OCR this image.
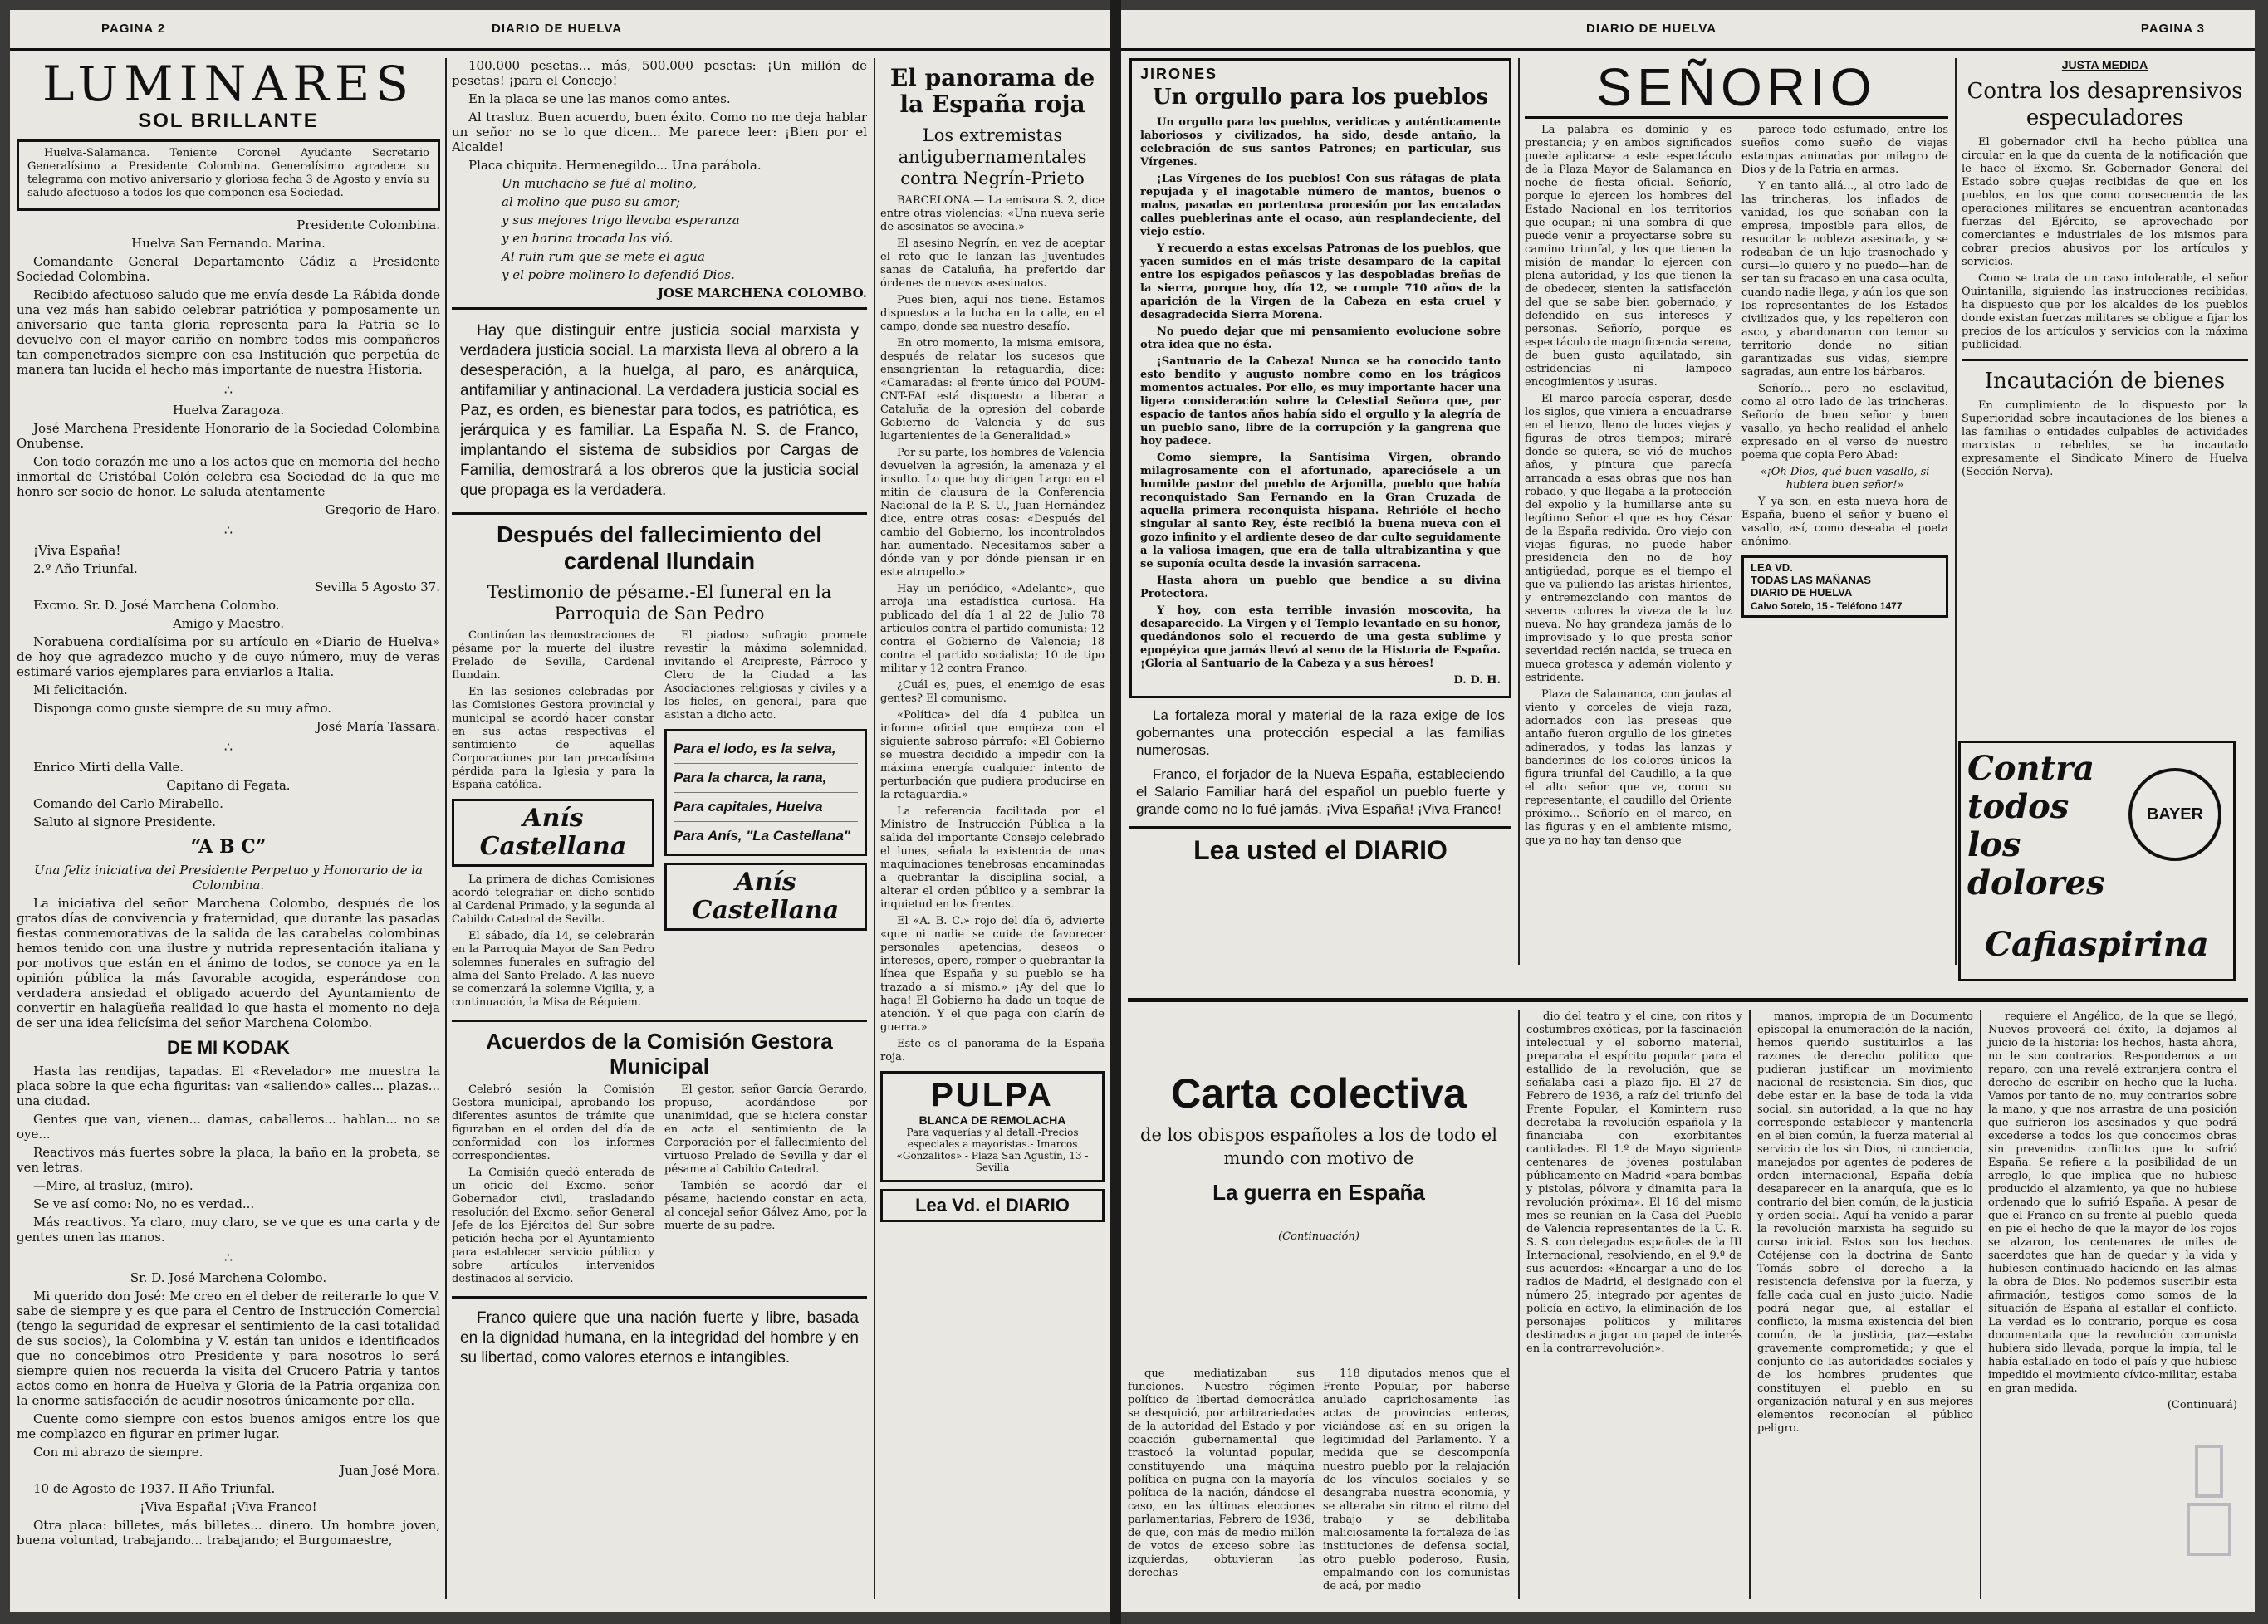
PAGINA 2	DIARIO DE HUELVA
LUMINARES
SOL BRILLANTE

Huelva-Salamanca. Teniente Coronel Ayudante Secretario Generalísimo a Presidente Colombina. Generalísimo agradece su telegrama con motivo aniversario y gloriosa fecha 3 de Agosto y envía su saludo afectuoso a todos los que componen esa Sociedad.

Presidente Colombina.

Huelva San Fernando. Marina.

Comandante General Departamento Cádiz a Presidente Sociedad Colombina.

Recibido afectuoso saludo que me envía desde La Rábida donde una vez más han sabido celebrar patriótica y pomposamente un aniversario que tanta gloria representa para la Patria se lo devuelvo con el mayor cariño en nombre todos mis compañeros tan compenetrados siempre con esa Institución que perpetúa de manera tan lucida el hecho más importante de nuestra Historia.

∴

Huelva Zaragoza.

José Marchena Presidente Honorario de la Sociedad Colombina Onubense.

Con todo corazón me uno a los actos que en memoria del hecho inmortal de Cristóbal Colón celebra esa Sociedad de la que me honro ser socio de honor. Le saluda atentamente

Gregorio de Haro.

∴

¡Viva España!

2.º Año Triunfal.

Sevilla 5 Agosto 37.

Excmo. Sr. D. José Marchena Colombo.

Amigo y Maestro.

Norabuena cordialísima por su artículo en «Diario de Huelva» de hoy que agradezco mucho y de cuyo número, muy de veras estimaré varios ejemplares para enviarlos a Italia.

Mi felicitación.

Disponga como guste siempre de su muy afmo.

José María Tassara.

∴

Enrico Mirti della Valle.

Capitano di Fegata.

Comando del Carlo Mirabello.

Saluto al signore Presidente.

“A B C”

Una feliz iniciativa del Presidente Perpetuo y Honorario de la Colombina.

La iniciativa del señor Marchena Colombo, después de los gratos días de convivencia y fraternidad, que durante las pasadas fiestas conmemorativas de la salida de las carabelas colombinas hemos tenido con una ilustre y nutrida representación italiana y por motivos que están en el ánimo de todos, se conoce ya en la opinión pública la más favorable acogida, esperándose con verdadera ansiedad el obligado acuerdo del Ayuntamiento de convertir en halagüeña realidad lo que hasta el momento no deja de ser una idea felicísima del señor Marchena Colombo.

DE MI KODAK

Hasta las rendijas, tapadas. El «Revelador» me muestra la placa sobre la que echa figuritas: van «saliendo» calles... plazas... una ciudad.

Gentes que van, vienen... damas, caballeros... hablan... no se oye...

Reactivos más fuertes sobre la placa; la baño en la probeta, se ven letras.

—Mire, al trasluz, (miro).

Se ve así como: No, no es verdad...

Más reactivos. Ya claro, muy claro, se ve que es una carta y de gentes unen las manos.

∴

Sr. D. José Marchena Colombo.

Mi querido don José: Me creo en el deber de reiterarle lo que V. sabe de siempre y es que para el Centro de Instrucción Comercial (tengo la seguridad de expresar el sentimiento de la casi totalidad de sus socios), la Colombina y V. están tan unidos e identificados que no concebimos otro Presidente y para nosotros lo será siempre quien nos recuerda la visita del Crucero Patria y tantos actos como en honra de Huelva y Gloria de la Patria organiza con la enorme satisfacción de acudir nosotros únicamente por ella.

Cuente como siempre con estos buenos amigos entre los que me complazco en figurar en primer lugar.

Con mi abrazo de siempre.

Juan José Mora.

10 de Agosto de 1937. II Año Triunfal.

¡Viva España! ¡Viva Franco!

Otra placa: billetes, más billetes... dinero. Un hombre joven, buena voluntad, trabajando... trabajando; el Burgomaestre,

100.000 pesetas... más, 500.000 pesetas: ¡Un millón de pesetas! ¡para el Concejo!

En la placa se une las manos como antes.

Al trasluz. Buen acuerdo, buen éxito. Como no me deja hablar un señor no se lo que dicen... Me parece leer: ¡Bien por el Alcalde!

Placa chiquita. Hermenegildo... Una parábola.

Un muchacho se fué al molino,

al molino que puso su amor;

y sus mejores trigo llevaba esperanza

y en harina trocada las vió.

Al ruin rum que se mete el agua

y el pobre molinero lo defendió Dios.

JOSE MARCHENA COLOMBO.

Hay que distinguir entre justicia social marxista y verdadera justicia social. La marxista lleva al obrero a la desesperación, a la huelga, al paro, es anárquica, antifamiliar y antinacional. La verdadera justicia social es Paz, es orden, es bienestar para todos, es patriótica, es jerárquica y es familiar. La España N. S. de Franco, implantando el sistema de subsidios por Cargas de Familia, demostrará a los obreros que la justicia social que propaga es la verdadera.

Después del fallecimiento del cardenal Ilundain
Testimonio de pésame.-El funeral en la Parroquia de San Pedro

Continúan las demostraciones de pésame por la muerte del ilustre Prelado de Sevilla, Cardenal Ilundain.

En las sesiones celebradas por las Comisiones Gestora provincial y municipal se acordó hacer constar en sus actas respectivas el sentimiento de aquellas Corporaciones por tan precadísima pérdida para la Iglesia y para la España católica.

Anís Castellana

La primera de dichas Comisiones acordó telegrafiar en dicho sentido al Cardenal Primado, y la segunda al Cabildo Catedral de Sevilla.

El sábado, día 14, se celebrarán en la Parroquia Mayor de San Pedro solemnes funerales en sufragio del alma del Santo Prelado. A las nueve se comenzará la solemne Vigilia, y, a continuación, la Misa de Réquiem.

El piadoso sufragio promete revestir la máxima solemnidad, invitando el Arcipreste, Párroco y Clero de la Ciudad a las Asociaciones religiosas y civiles y a los fieles, en general, para que asistan a dicho acto.

Para el lodo, es la selva,

Para la charca, la rana,

Para capitales, Huelva

Para Anís, "La Castellana"

Anís Castellana
Acuerdos de la Comisión Gestora Municipal

Celebró sesión la Comisión Gestora municipal, aprobando los diferentes asuntos de trámite que figuraban en el orden del día de conformidad con los informes correspondientes.

La Comisión quedó enterada de un oficio del Excmo. señor Gobernador civil, trasladando resolución del Excmo. señor General Jefe de los Ejércitos del Sur sobre petición hecha por el Ayuntamiento para establecer servicio público y sobre artículos intervenidos destinados al servicio.

El gestor, señor García Gerardo, propuso, acordándose por unanimidad, que se hiciera constar en acta el sentimiento de la Corporación por el fallecimiento del virtuoso Prelado de Sevilla y dar el pésame al Cabildo Catedral.

También se acordó dar el pésame, haciendo constar en acta, al concejal señor Gálvez Amo, por la muerte de su padre.

Franco quiere que una nación fuerte y libre, basada en la dignidad humana, en la integridad del hombre y en su libertad, como valores eternos e intangibles.

El panorama de la España roja
Los extremistas antigubernamentales contra Negrín-Prieto

BARCELONA.— La emisora S. 2, dice entre otras violencias: «Una nueva serie de asesinatos se avecina.»

El asesino Negrín, en vez de aceptar el reto que le lanzan las Juventudes sanas de Cataluña, ha preferido dar órdenes de nuevos asesinatos.

Pues bien, aquí nos tiene. Estamos dispuestos a la lucha en la calle, en el campo, donde sea nuestro desafío.

En otro momento, la misma emisora, después de relatar los sucesos que ensangrientan la retaguardia, dice: «Camaradas: el frente único del POUM-CNT-FAI está dispuesto a liberar a Cataluña de la opresión del cobarde Gobierno de Valencia y de sus lugartenientes de la Generalidad.»

Por su parte, los hombres de Valencia devuelven la agresión, la amenaza y el insulto. Lo que hoy dirigen Largo en el mitin de clausura de la Conferencia Nacional de la P. S. U., Juan Hernández dice, entre otras cosas: «Después del cambio del Gobierno, los incontrolados han aumentado. Necesitamos saber a dónde van y por dónde piensan ir en este atropello.»

Hay un periódico, «Adelante», que arroja una estadística curiosa. Ha publicado del día 1 al 22 de Julio 78 artículos contra el partido comunista; 12 contra el Gobierno de Valencia; 18 contra el partido socialista; 10 de tipo militar y 12 contra Franco.

¿Cuál es, pues, el enemigo de esas gentes? El comunismo.

«Política» del día 4 publica un informe oficial que empieza con el siguiente sabroso párrafo: «El Gobierno se muestra decidido a impedir con la máxima energía cualquier intento de perturbación que pudiera producirse en la retaguardia.»

La referencia facilitada por el Ministro de Instrucción Pública a la salida del importante Consejo celebrado el lunes, señala la existencia de unas maquinaciones tenebrosas encaminadas a quebrantar la disciplina social, a alterar el orden público y a sembrar la inquietud en los frentes.

El «A. B. C.» rojo del día 6, advierte «que ni nadie se cuide de favorecer personales apetencias, deseos o intereses, opere, romper o quebrantar la línea que España y su pueblo se ha trazado a sí mismo.» ¡Ay del que lo haga! El Gobierno ha dado un toque de atención. Y el que paga con clarín de guerra.»

Este es el panorama de la España roja.

PULPA
BLANCA DE REMOLACHA

Para vaquerías y al detall.-Precios especiales a mayoristas.- Imarcos «Gonzalitos» - Plaza San Agustín, 13 - Sevilla

Lea Vd. el DIARIO
DIARIO DE HUELVA	PAGINA 3
JIRONES
Un orgullo para los pueblos

Un orgullo para los pueblos, veridicas y auténticamente laboriosos y civilizados, ha sido, desde antaño, la celebración de sus santos Patrones; en particular, sus Vírgenes.

¡Las Vírgenes de los pueblos! Con sus ráfagas de plata repujada y el inagotable número de mantos, buenos o malos, pasadas en portentosa procesión por las encaladas calles pueblerinas ante el ocaso, aún resplandeciente, del viejo estío.

Y recuerdo a estas excelsas Patronas de los pueblos, que yacen sumidos en el más triste desamparo de la capital entre los espigados peñascos y las despobladas breñas de la sierra, porque hoy, día 12, se cumple 710 años de la aparición de la Virgen de la Cabeza en esta cruel y desagradecida Sierra Morena.

No puedo dejar que mi pensamiento evolucione sobre otra idea que no ésta.

¡Santuario de la Cabeza! Nunca se ha conocido tanto esto bendito y augusto nombre como en los trágicos momentos actuales. Por ello, es muy importante hacer una ligera consideración sobre la Celestial Señora que, por espacio de tantos años había sido el orgullo y la alegría de un pueblo sano, libre de la corrupción y la gangrena que hoy padece.

Como siempre, la Santísima Virgen, obrando milagrosamente con el afortunado, apareciósele a un humilde pastor del pueblo de Arjonilla, pueblo que había reconquistado San Fernando en la Gran Cruzada de aquella primera reconquista hispana. Refirióle el hecho singular al santo Rey, éste recibió la buena nueva con el gozo infinito y el ardiente deseo de dar culto seguidamente a la valiosa imagen, que era de talla ultrabizantina y que se suponía oculta desde la invasión sarracena.

Hasta ahora un pueblo que bendice a su divina Protectora.

Y hoy, con esta terrible invasión moscovita, ha desaparecido. La Virgen y el Templo levantado en su honor, quedándonos solo el recuerdo de una gesta sublime y epopéyica que jamás llevó al seno de la Historia de España. ¡Gloria al Santuario de la Cabeza y a sus héroes!

D. D. H.

La fortaleza moral y material de la raza exige de los gobernantes una protección especial a las familias numerosas.

Franco, el forjador de la Nueva España, estableciendo el Salario Familiar hará del español un pueblo fuerte y grande como no lo fué jamás. ¡Viva España! ¡Viva Franco!

Lea usted el DIARIO
SEÑORIO

La palabra es dominio y es prestancia; y en ambos significados puede aplicarse a este espectáculo de la Plaza Mayor de Salamanca en noche de fiesta oficial. Señorío, porque lo ejercen los hombres del Estado Nacional en los territorios que ocupan; ni una sombra di que puede venir a proyectarse sobre su camino triunfal, y los que tienen la misión de mandar, lo ejercen con plena autoridad, y los que tienen la de obedecer, sienten la satisfacción del que se sabe bien gobernado, y defendido en sus intereses y personas. Señorío, porque es espectáculo de magnificencia serena, de buen gusto aquilatado, sin estridencias ni lampoco encogimientos y usuras.

El marco parecía esperar, desde los siglos, que viniera a encuadrarse en el lienzo, lleno de luces viejas y figuras de otros tiempos; miraré donde se quiera, se vió de muchos años, y pintura que parecía arrancada a esas obras que nos han robado, y que llegaba a la protección del expolio y la humillarse ante su legítimo Señor el que es hoy César de la España redivida. Oro viejo con viejas figuras, no puede haber presidencia den no de hoy antigüedad, porque es el tiempo el que va puliendo las aristas hirientes, y entremezclando con mantos de severos colores la viveza de la luz nueva. No hay grandeza jamás de lo improvisado y lo que presta señor severidad recién nacida, se trueca en mueca grotesca y ademán violento y estridente.

Plaza de Salamanca, con jaulas al viento y corceles de vieja raza, adornados con las preseas que antaño fueron orgullo de los ginetes adinerados, y todas las lanzas y banderines de los colores únicos la figura triunfal del Caudillo, a la que el alto señor que ve, como su representante, el caudillo del Oriente próximo... Señorío en el marco, en las figuras y en el ambiente mismo, que ya no hay tan denso que

parece todo esfumado, entre los sueños como sueño de viejas estampas animadas por milagro de Dios y de la Patria en armas.

Y en tanto allá..., al otro lado de las trincheras, los inflados de vanidad, los que soñaban con la empresa, imposible para ellos, de resucitar la nobleza asesinada, y se rodeaban de un lujo trasnochado y cursi—lo quiero y no puedo—han de ser tan su fracaso en una casa oculta, cuando nadie llega, y aún los que son los representantes de los Estados civilizados que, y los repelieron con asco, y abandonaron con temor su territorio donde no sitian garantizadas sus vidas, siempre sagradas, aun entre los bárbaros.

Señorío... pero no esclavitud, como al otro lado de las trincheras. Señorío de buen señor y buen vasallo, ya hecho realidad el anhelo expresado en el verso de nuestro poema que copia Pero Abad:

«¡Oh Dios, qué buen vasallo, si hubiera buen señor!»

Y ya son, en esta nueva hora de España, bueno el señor y bueno el vasallo, así, como deseaba el poeta anónimo.

LEA VD.
TODAS LAS MAÑANAS
DIARIO DE HUELVA
Calvo Sotelo, 15 - Teléfono 1477
JUSTA MEDIDA
Contra los desaprensivos especuladores

El gobernador civil ha hecho pública una circular en la que da cuenta de la notificación que le hace el Excmo. Sr. Gobernador General del Estado sobre quejas recibidas de que en los pueblos, en los que como consecuencia de las operaciones militares se encuentran acantonadas fuerzas del Ejército, se aprovechado por comerciantes e industriales de los mismos para cobrar precios abusivos por los artículos y servicios.

Como se trata de un caso intolerable, el señor Quintanilla, siguiendo las instrucciones recibidas, ha dispuesto que por los alcaldes de los pueblos donde existan fuerzas militares se obligue a fijar los precios de los artículos y servicios con la máxima publicidad.

Incautación de bienes

En cumplimiento de lo dispuesto por la Superioridad sobre incautaciones de los bienes a las familias o entidades culpables de actividades marxistas o rebeldes, se ha incautado expresamente el Sindicato Minero de Huelva (Sección Nerva).

Contra todos los dolores
BAYER
Cafiaspirina
Carta colectiva

de los obispos españoles a los de todo el mundo con motivo de

La guerra en España

(Continuación)

que mediatizaban sus funciones. Nuestro régimen político de libertad democrática se desquició, por arbitrariedades de la autoridad del Estado y por coacción gubernamental que trastocó la voluntad popular, constituyendo una máquina política en pugna con la mayoría política de la nación, dándose el caso, en las últimas elecciones parlamentarias, Febrero de 1936, de que, con más de medio millón de votos de exceso sobre las izquierdas, obtuvieran las derechas

118 diputados menos que el Frente Popular, por haberse anulado caprichosamente las actas de provincias enteras, viciándose así en su origen la legitimidad del Parlamento. Y a medida que se descomponía nuestro pueblo por la relajación de los vínculos sociales y se desangraba nuestra economía, y se alteraba sin ritmo el ritmo del trabajo y se debilitaba maliciosamente la fortaleza de las instituciones de defensa social, otro pueblo poderoso, Rusia, empalmando con los comunistas de acá, por medio

dio del teatro y el cine, con ritos y costumbres exóticas, por la fascinación intelectual y el soborno material, preparaba el espíritu popular para el estallido de la revolución, que se señalaba casi a plazo fijo. El 27 de Febrero de 1936, a raíz del triunfo del Frente Popular, el Komintern ruso decretaba la revolución española y la financiaba con exorbitantes cantidades. El 1.º de Mayo siguiente centenares de jóvenes postulaban públicamente en Madrid «para bombas y pistolas, pólvora y dinamita para la revolución próxima». El 16 del mismo mes se reunían en la Casa del Pueblo de Valencia representantes de la U. R. S. S. con delegados españoles de la III Internacional, resolviendo, en el 9.º de sus acuerdos: «Encargar a uno de los radios de Madrid, el designado con el número 25, integrado por agentes de policía en activo, la eliminación de los personajes políticos y militares destinados a jugar un papel de interés en la contrarrevolución».

manos, impropia de un Documento episcopal la enumeración de la nación, hemos querido sustituirlos a las razones de derecho político que pudieran justificar un movimiento nacional de resistencia. Sin dios, que debe estar en la base de toda la vida social, sin autoridad, a la que no hay corresponde establecer y mantenerla en el bien común, la fuerza material al servicio de los sin Dios, ni conciencia, manejados por agentes de poderes de orden internacional, España debía desaparecer en la anarquía, que es lo contrario del bien común, de la justicia y orden social. Aquí ha venido a parar la revolución marxista ha seguido su curso inicial. Estos son los hechos. Cotéjense con la doctrina de Santo Tomás sobre el derecho a la resistencia defensiva por la fuerza, y falle cada cual en justo juicio. Nadie podrá negar que, al estallar el conflicto, la misma existencia del bien común, de la justicia, paz—estaba gravemente comprometida; y que el conjunto de las autoridades sociales y de los hombres prudentes que constituyen el pueblo en su organización natural y en sus mejores elementos reconocían el público peligro.

requiere el Angélico, de la que se llegó, Nuevos proveerá del éxito, la dejamos al juicio de la historia: los hechos, hasta ahora, no le son contrarios. Respondemos a un reparo, con una revelé extranjera contra el derecho de escribir en hecho que la lucha. Vamos por tanto de no, muy contrarios sobre la mano, y que nos arrastra de una posición que sufrieron los asesinados y que podrá excederse a todos los que conocimos obras sin prevenidos conflictos que lo sufrió España. Se refiere a la posibilidad de un arreglo, lo que implica que no hubiese producido el alzamiento, ya que no hubiese ordenado que lo sufrió España. A pesar de que el Franco en su frente al pueblo—queda en pie el hecho de que la mayor de los rojos se alzaron, los centenares de miles de sacerdotes que han de quedar y la vida y hubiesen continuado haciendo en las almas la obra de Dios. No podemos suscribir esta afirmación, testigos como somos de la situación de España al estallar el conflicto. La verdad es lo contrario, porque es cosa documentada que la revolución comunista hubiera sido llevada, porque la impía, tal le había estallado en todo el país y que hubiese impedido el movimiento cívico-militar, estaba en gran medida.

(Continuará)
